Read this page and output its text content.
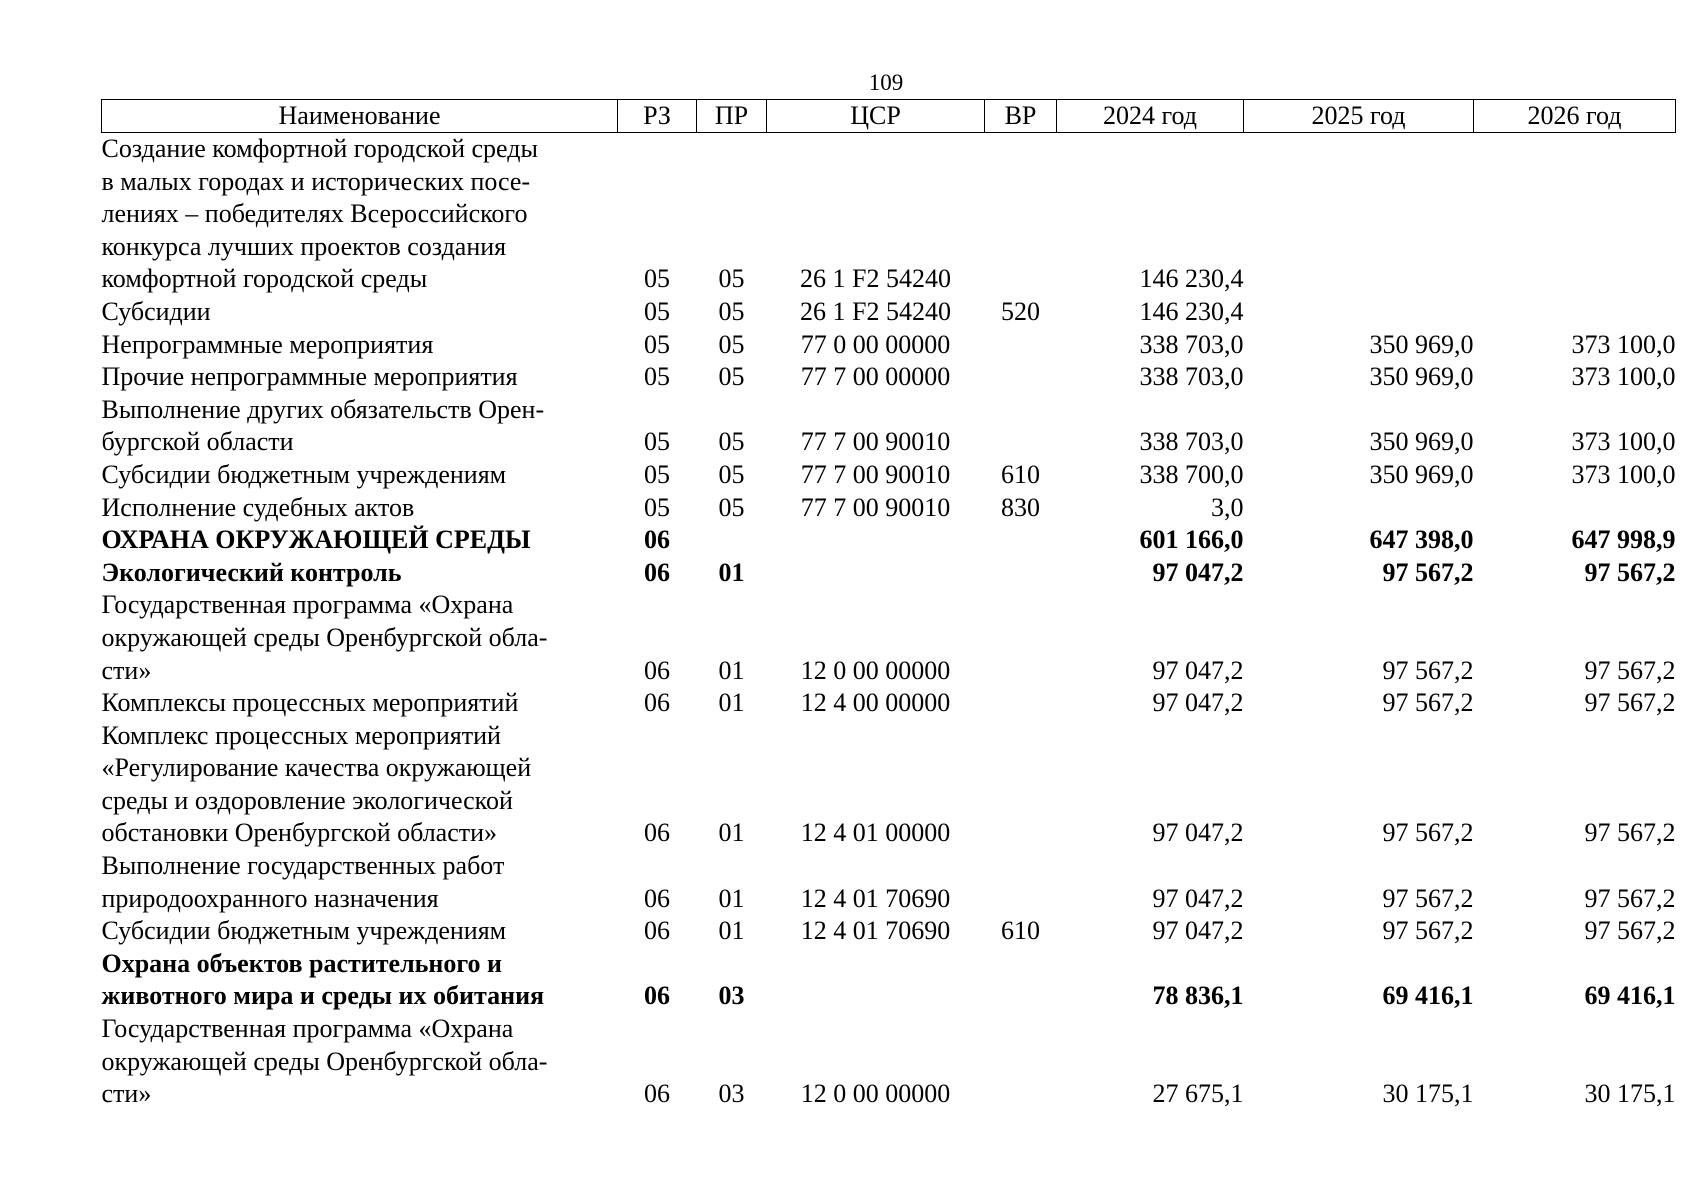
109
Наименование	РЗ	ПР	ЦСР	ВР	2024 год	2025 год	2026 год

Создание комфортной городской среды
в малых городах и исторических посе-
лениях – победителях Всероссийского
конкурса лучших проектов создания
комфортной городской среды	05	05	26 1 F2 54240		146 230,4		

Субсидии	05	05	26 1 F2 54240	520	146 230,4		

Непрограммные мероприятия	05	05	77 0 00 00000		338 703,0	350 969,0	373 100,0

Прочие непрограммные мероприятия	05	05	77 7 00 00000		338 703,0	350 969,0	373 100,0

Выполнение других обязательств Орен-
бургской области	05	05	77 7 00 90010		338 703,0	350 969,0	373 100,0

Субсидии бюджетным учреждениям	05	05	77 7 00 90010	610	338 700,0	350 969,0	373 100,0

Исполнение судебных актов	05	05	77 7 00 90010	830	3,0		

ОХРАНА ОКРУЖАЮЩЕЙ СРЕДЫ	06				601 166,0	647 398,0	647 998,9

Экологический контроль	06	01			97 047,2	97 567,2	97 567,2

Государственная программа «Охрана
окружающей среды Оренбургской обла-
сти»	06	01	12 0 00 00000		97 047,2	97 567,2	97 567,2

Комплексы процессных мероприятий	06	01	12 4 00 00000		97 047,2	97 567,2	97 567,2

Комплекс процессных мероприятий
«Регулирование качества окружающей
среды и оздоровление экологической
обстановки Оренбургской области»	06	01	12 4 01 00000		97 047,2	97 567,2	97 567,2

Выполнение государственных работ
природоохранного назначения	06	01	12 4 01 70690		97 047,2	97 567,2	97 567,2

Субсидии бюджетным учреждениям	06	01	12 4 01 70690	610	97 047,2	97 567,2	97 567,2

Охрана объектов растительного и
животного мира и среды их обитания	06	03			78 836,1	69 416,1	69 416,1

Государственная программа «Охрана
окружающей среды Оренбургской обла-
сти»	06	03	12 0 00 00000		27 675,1	30 175,1	30 175,1
